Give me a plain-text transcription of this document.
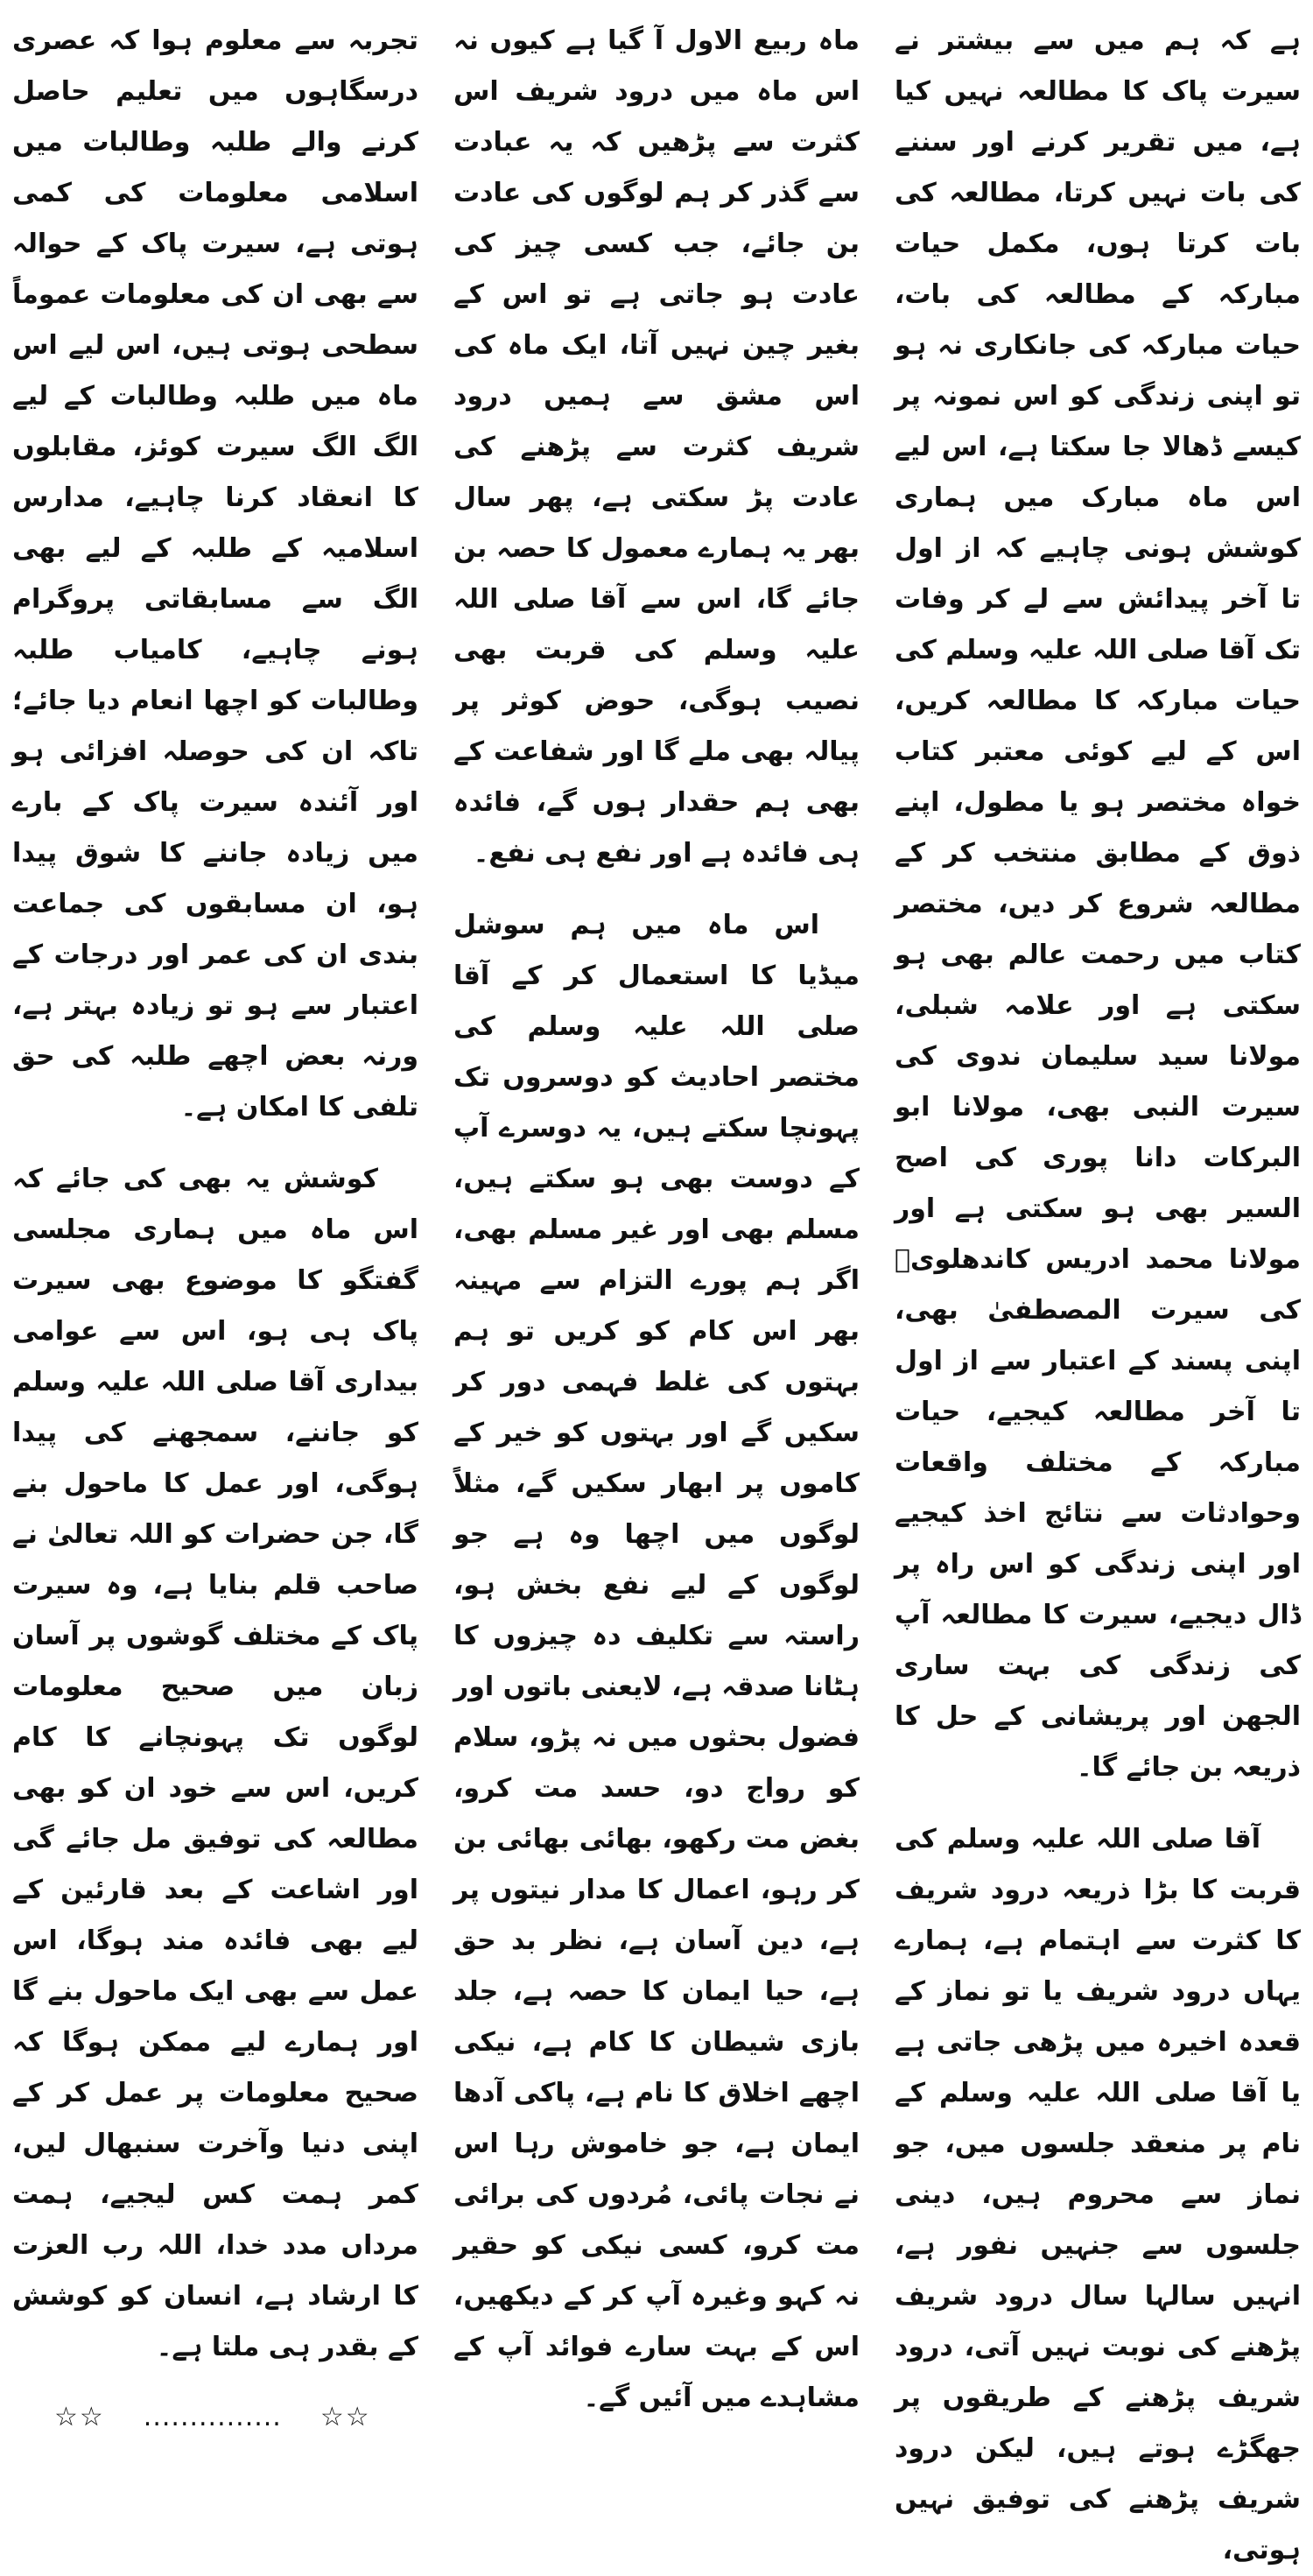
ہے کہ ہم میں سے بیشتر نے سیرت پاک کا مطالعہ نہیں کیا ہے، میں تقریر کرنے اور سننے کی بات نہیں کرتا، مطالعہ کی بات کرتا ہوں، مکمل حیات مبارکہ کے مطالعہ کی بات، حیات مبارکہ کی جانکاری نہ ہو تو اپنی زندگی کو اس نمونہ پر کیسے ڈھالا جا سکتا ہے، اس لیے اس ماہ مبارک میں ہماری کوشش ہونی چاہیے کہ از اول تا آخر پیدائش سے لے کر وفات تک آقا صلی اللہ علیہ وسلم کی حیات مبارکہ کا مطالعہ کریں، اس کے لیے کوئی معتبر کتاب خواہ مختصر ہو یا مطول، اپنے ذوق کے مطابق منتخب کر کے مطالعہ شروع کر دیں، مختصر کتاب میں رحمت عالم بھی ہو سکتی ہے اور علامہ شبلی، مولانا سید سلیمان ندوی کی سیرت النبی بھی، مولانا ابو البرکات دانا پوری کی اصح السیر بھی ہو سکتی ہے اور مولانا محمد ادریس کاندھلویؒ کی سیرت المصطفیٰ بھی، اپنی پسند کے اعتبار سے از اول تا آخر مطالعہ کیجیے، حیات مبارکہ کے مختلف واقعات وحوادثات سے نتائج اخذ کیجیے اور اپنی زندگی کو اس راہ پر ڈال دیجیے، سیرت کا مطالعہ آپ کی زندگی کی بہت ساری الجھن اور پریشانی کے حل کا ذریعہ بن جائے گا۔

آقا صلی اللہ علیہ وسلم کی قربت کا بڑا ذریعہ درود شریف کا کثرت سے اہتمام ہے، ہمارے یہاں درود شریف یا تو نماز کے قعدہ اخیرہ میں پڑھی جاتی ہے یا آقا صلی اللہ علیہ وسلم کے نام پر منعقد جلسوں میں، جو نماز سے محروم ہیں، دینی جلسوں سے جنہیں نفور ہے، انہیں سالہا سال درود شریف پڑھنے کی نوبت نہیں آتی، درود شریف پڑھنے کے طریقوں پر جھگڑے ہوتے ہیں، لیکن درود شریف پڑھنے کی توفیق نہیں ہوتی،

ماہ ربیع الاول آ گیا ہے کیوں نہ اس ماہ میں درود شریف اس کثرت سے پڑھیں کہ یہ عبادت سے گذر کر ہم لوگوں کی عادت بن جائے، جب کسی چیز کی عادت ہو جاتی ہے تو اس کے بغیر چین نہیں آتا، ایک ماہ کی اس مشق سے ہمیں درود شریف کثرت سے پڑھنے کی عادت پڑ سکتی ہے، پھر سال بھر یہ ہمارے معمول کا حصہ بن جائے گا، اس سے آقا صلی اللہ علیہ وسلم کی قربت بھی نصیب ہوگی، حوض کوثر پر پیالہ بھی ملے گا اور شفاعت کے بھی ہم حقدار ہوں گے، فائدہ ہی فائدہ ہے اور نفع ہی نفع۔

اس ماہ میں ہم سوشل میڈیا کا استعمال کر کے آقا صلی اللہ علیہ وسلم کی مختصر احادیث کو دوسروں تک پہونچا سکتے ہیں، یہ دوسرے آپ کے دوست بھی ہو سکتے ہیں، مسلم بھی اور غیر مسلم بھی، اگر ہم پورے التزام سے مہینہ بھر اس کام کو کریں تو ہم بہتوں کی غلط فہمی دور کر سکیں گے اور بہتوں کو خیر کے کاموں پر ابھار سکیں گے، مثلاً لوگوں میں اچھا وہ ہے جو لوگوں کے لیے نفع بخش ہو، راستہ سے تکلیف دہ چیزوں کا ہٹانا صدقہ ہے، لایعنی باتوں اور فضول بحثوں میں نہ پڑو، سلام کو رواج دو، حسد مت کرو، بغض مت رکھو، بھائی بھائی بن کر رہو، اعمال کا مدار نیتوں پر ہے، دین آسان ہے، نظر بد حق ہے، حیا ایمان کا حصہ ہے، جلد بازی شیطان کا کام ہے، نیکی اچھے اخلاق کا نام ہے، پاکی آدھا ایمان ہے، جو خاموش رہا اس نے نجات پائی، مُردوں کی برائی مت کرو، کسی نیکی کو حقیر نہ کہو وغیرہ آپ کر کے دیکھیں، اس کے بہت سارے فوائد آپ کے مشاہدے میں آئیں گے۔

تجربہ سے معلوم ہوا کہ عصری درسگاہوں میں تعلیم حاصل کرنے والے طلبہ وطالبات میں اسلامی معلومات کی کمی ہوتی ہے، سیرت پاک کے حوالہ سے بھی ان کی معلومات عموماً سطحی ہوتی ہیں، اس لیے اس ماہ میں طلبہ وطالبات کے لیے الگ الگ سیرت کوئز، مقابلوں کا انعقاد کرنا چاہیے، مدارس اسلامیہ کے طلبہ کے لیے بھی الگ سے مسابقاتی پروگرام ہونے چاہیے، کامیاب طلبہ وطالبات کو اچھا انعام دیا جائے؛ تاکہ ان کی حوصلہ افزائی ہو اور آئندہ سیرت پاک کے بارے میں زیادہ جاننے کا شوق پیدا ہو، ان مسابقوں کی جماعت بندی ان کی عمر اور درجات کے اعتبار سے ہو تو زیادہ بہتر ہے، ورنہ بعض اچھے طلبہ کی حق تلفی کا امکان ہے۔

کوشش یہ بھی کی جائے کہ اس ماہ میں ہماری مجلسی گفتگو کا موضوع بھی سیرت پاک ہی ہو، اس سے عوامی بیداری آقا صلی اللہ علیہ وسلم کو جاننے، سمجھنے کی پیدا ہوگی، اور عمل کا ماحول بنے گا، جن حضرات کو اللہ تعالیٰ نے صاحب قلم بنایا ہے، وہ سیرت پاک کے مختلف گوشوں پر آسان زبان میں صحیح معلومات لوگوں تک پہونچانے کا کام کریں، اس سے خود ان کو بھی مطالعہ کی توفیق مل جائے گی اور اشاعت کے بعد قارئین کے لیے بھی فائدہ مند ہوگا، اس عمل سے بھی ایک ماحول بنے گا اور ہمارے لیے ممکن ہوگا کہ صحیح معلومات پر عمل کر کے اپنی دنیا وآخرت سنبھال لیں، کمر ہمت کس لیجیے، ہمت مرداں مدد خدا، اللہ رب العزت کا ارشاد ہے، انسان کو کوشش کے بقدر ہی ملتا ہے۔

☆☆ ............... ☆☆
